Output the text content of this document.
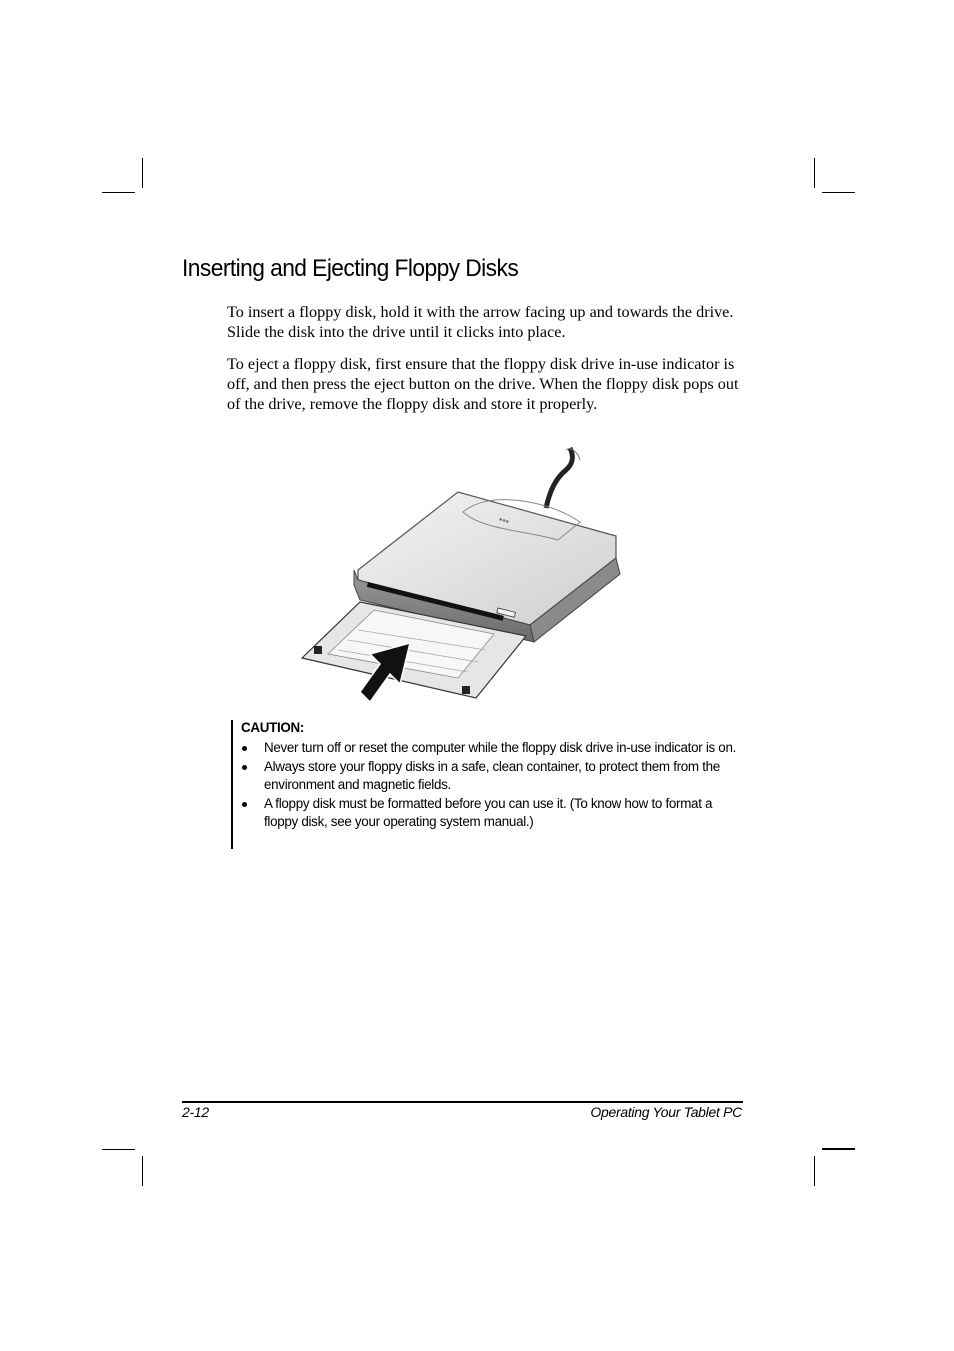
Inserting and Ejecting Floppy Disks

To insert a floppy disk, hold it with the arrow facing up and towards the drive. Slide the disk into the drive until it clicks into place.

To eject a floppy disk, first ensure that the floppy disk drive in-use indicator is off, and then press the eject button on the drive. When the floppy disk pops out of the drive, remove the floppy disk and store it properly.

•••
CAUTION:
Never turn off or reset the computer while the floppy disk drive in-use indicator is on.
Always store your floppy disks in a safe, clean container, to protect them from the environment and magnetic fields.
A floppy disk must be formatted before you can use it. (To know how to format a floppy disk, see your operating system manual.)
2-12	Operating Your Tablet PC
